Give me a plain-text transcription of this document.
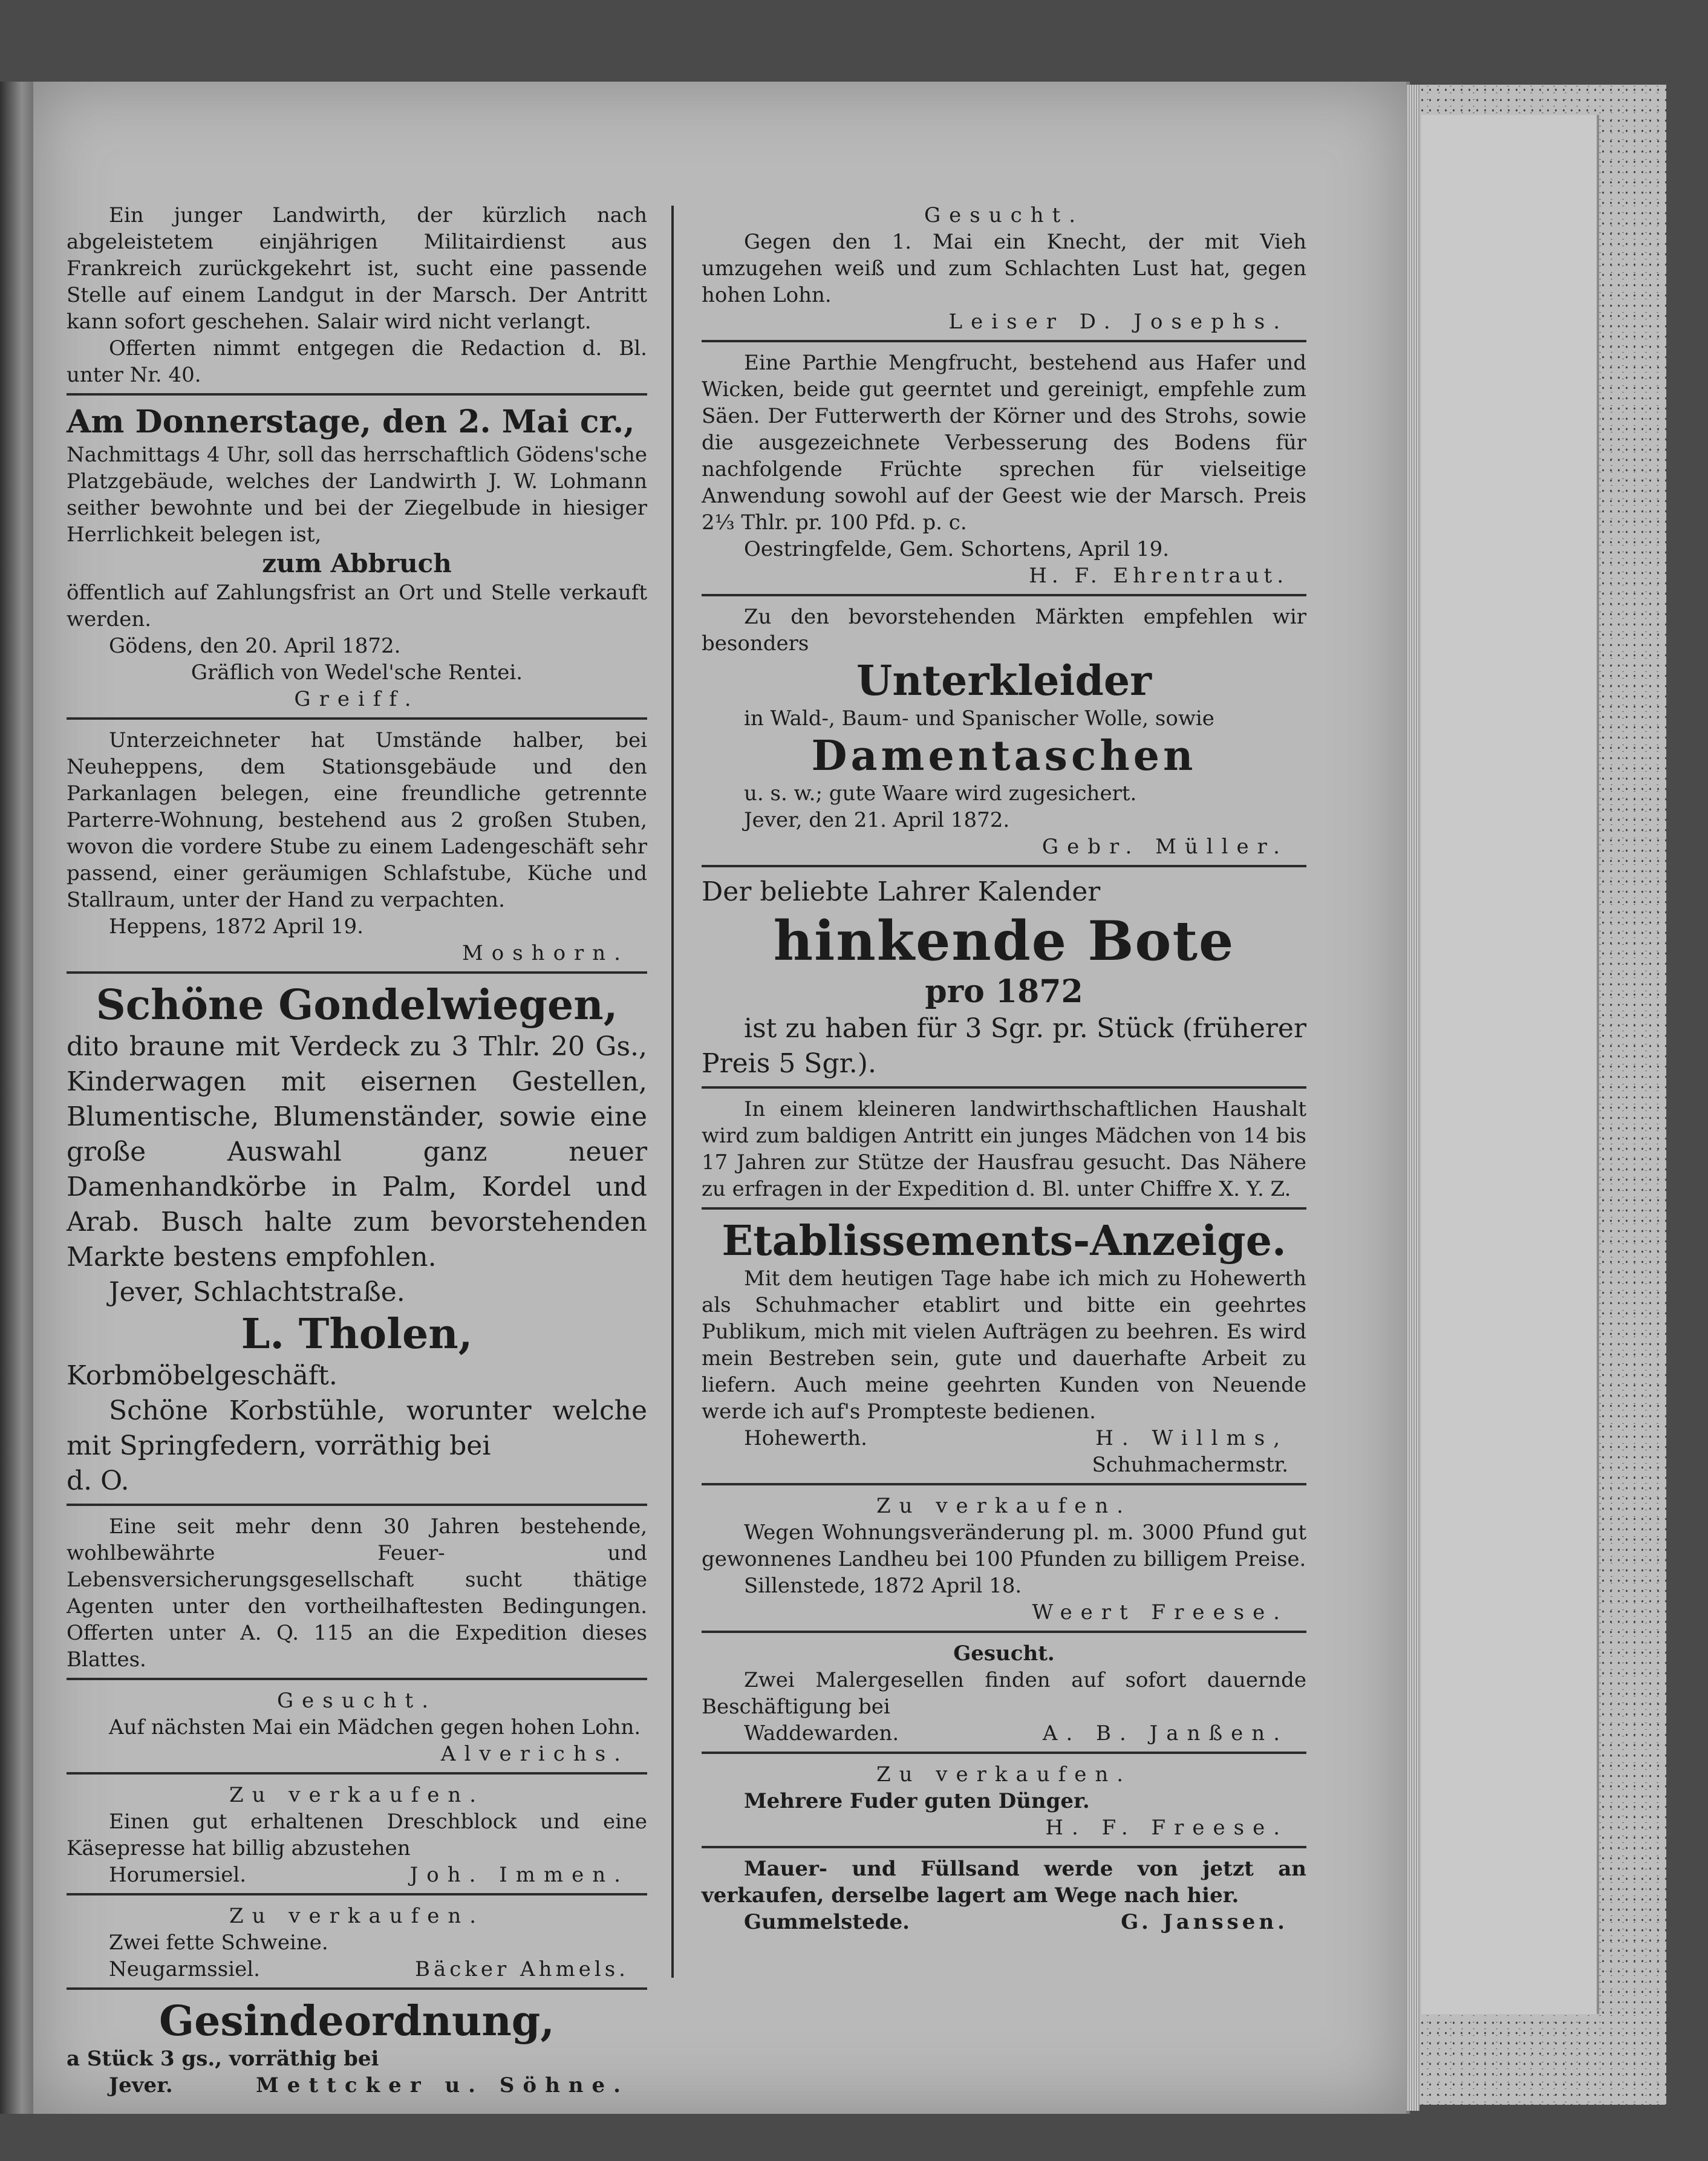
Ein junger Landwirth, der kürzlich nach abgeleistetem einjährigen Militairdienst aus Frankreich zurückgekehrt ist, sucht eine passende Stelle auf einem Landgut in der Marsch. Der Antritt kann sofort geschehen. Salair wird nicht verlangt.

Offerten nimmt entgegen die Redaction d. Bl. unter Nr. 40.

Am Donnerstage, den 2. Mai cr.,

Nachmittags 4 Uhr, soll das herrschaftlich Gödens'sche Platzgebäude, welches der Landwirth J. W. Lohmann seither bewohnte und bei der Ziegelbude in hiesiger Herrlichkeit belegen ist,

zum Abbruch

öffentlich auf Zahlungsfrist an Ort und Stelle verkauft werden.

Gödens, den 20. April 1872.

Gräflich von Wedel'sche Rentei.

Greiff.

Unterzeichneter hat Umstände halber, bei Neuheppens, dem Stationsgebäude und den Parkanlagen belegen, eine freundliche getrennte Parterre-Wohnung, bestehend aus 2 großen Stuben, wovon die vordere Stube zu einem Ladengeschäft sehr passend, einer geräumigen Schlafstube, Küche und Stallraum, unter der Hand zu verpachten.

Heppens, 1872 April 19.

Moshorn.

Schöne Gondelwiegen,

dito braune mit Verdeck zu 3 Thlr. 20 Gs., Kinderwagen mit eisernen Gestellen, Blumentische, Blumenständer, sowie eine große Auswahl ganz neuer Damenhandkörbe in Palm, Kordel und Arab. Busch halte zum bevorstehenden Markte bestens empfohlen.

Jever, Schlachtstraße.

L. Tholen,

Korbmöbelgeschäft.

Schöne Korbstühle, worunter welche mit Springfedern, vorräthig bei

d. O.

Eine seit mehr denn 30 Jahren bestehende, wohlbewährte Feuer- und Lebensversicherungsgesellschaft sucht thätige Agenten unter den vortheilhaftesten Bedingungen. Offerten unter A. Q. 115 an die Expedition dieses Blattes.

Gesucht.

Auf nächsten Mai ein Mädchen gegen hohen Lohn.

Alverichs.

Zu verkaufen.

Einen gut erhaltenen Dreschblock und eine Käsepresse hat billig abzustehen

Horumersiel.	Joh. Immen.

Zu verkaufen.

Zwei fette Schweine.

Neugarmssiel.	Bäcker Ahmels.

Gesindeordnung,

a Stück 3 gs., vorräthig bei

Jever.	Mettcker u. Söhne.

Gesucht.

Gegen den 1. Mai ein Knecht, der mit Vieh umzugehen weiß und zum Schlachten Lust hat, gegen hohen Lohn.

Leiser D. Josephs.

Eine Parthie Mengfrucht, bestehend aus Hafer und Wicken, beide gut geerntet und gereinigt, empfehle zum Säen. Der Futterwerth der Körner und des Strohs, sowie die ausgezeichnete Verbesserung des Bodens für nachfolgende Früchte sprechen für vielseitige Anwendung sowohl auf der Geest wie der Marsch. Preis 2⅓ Thlr. pr. 100 Pfd. p. c.

Oestringfelde, Gem. Schortens, April 19.

H. F. Ehrentraut.

Zu den bevorstehenden Märkten empfehlen wir besonders

Unterkleider

in Wald-, Baum- und Spanischer Wolle, sowie

Damentaschen

u. s. w.; gute Waare wird zugesichert.

Jever, den 21. April 1872.

Gebr. Müller.

Der beliebte Lahrer Kalender

hinkende Bote
pro 1872

ist zu haben für 3 Sgr. pr. Stück (früherer Preis 5 Sgr.).

In einem kleineren landwirthschaftlichen Haushalt wird zum baldigen Antritt ein junges Mädchen von 14 bis 17 Jahren zur Stütze der Hausfrau gesucht. Das Nähere zu erfragen in der Expedition d. Bl. unter Chiffre X. Y. Z.

Etablissements-Anzeige.

Mit dem heutigen Tage habe ich mich zu Hohewerth als Schuhmacher etablirt und bitte ein geehrtes Publikum, mich mit vielen Aufträgen zu beehren. Es wird mein Bestreben sein, gute und dauerhafte Arbeit zu liefern. Auch meine geehrten Kunden von Neuende werde ich auf's Prompteste bedienen.

Hohewerth.	H. Willms,

Schuhmachermstr.

Zu verkaufen.

Wegen Wohnungsveränderung pl. m. 3000 Pfund gut gewonnenes Landheu bei 100 Pfunden zu billigem Preise.

Sillenstede, 1872 April 18.

Weert Freese.

Gesucht.

Zwei Malergesellen finden auf sofort dauernde Beschäftigung bei

Waddewarden.	A. B. Janßen.

Zu verkaufen.

Mehrere Fuder guten Dünger.

H. F. Freese.

Mauer- und Füllsand werde von jetzt an verkaufen, derselbe lagert am Wege nach hier.

Gummelstede.	G. Janssen.
